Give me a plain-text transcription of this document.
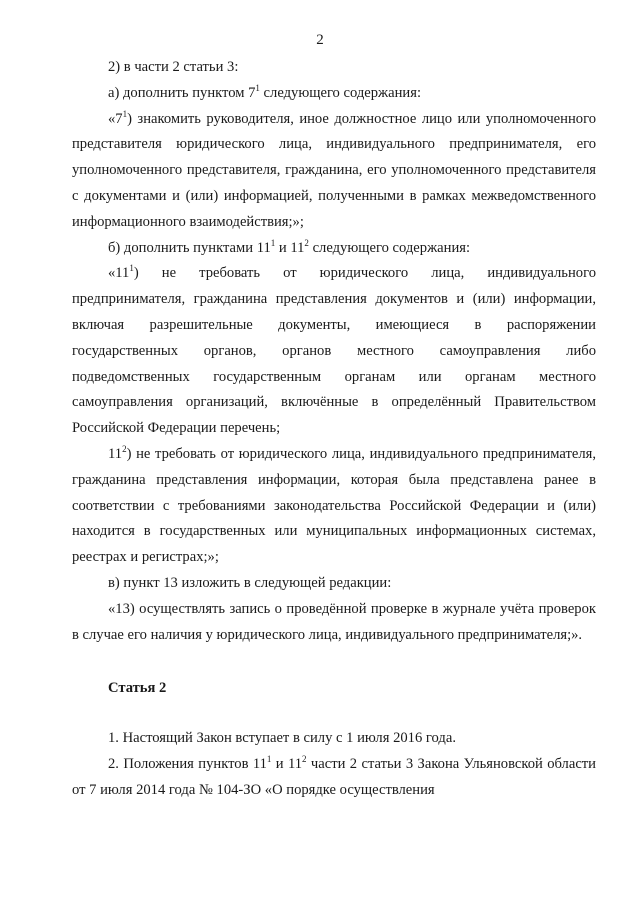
2

2) в части 2 статьи 3:

а) дополнить пунктом $7^1$ следующего содержания:

«$7^1$) знакомить руководителя, иное должностное лицо или уполномоченного представителя юридического лица, индивидуального предпринимателя, его уполномоченного представителя, гражданина, его уполномоченного представителя с документами и (или) информацией, полученными в рамках межведомственного информационного взаимодействия;»;

б) дополнить пунктами $11^1$ и $11^2$ следующего содержания:

«$11^1$) не требовать от юридического лица, индивидуального предпринимателя, гражданина представления документов и (или) информации, включая разрешительные документы, имеющиеся в распоряжении государственных органов, органов местного самоуправления либо подведомственных государственным органам или органам местного самоуправления организаций, включённые в определённый Правительством Российской Федерации перечень;

$11^2$) не требовать от юридического лица, индивидуального предпринимателя, гражданина представления информации, которая была представлена ранее в соответствии с требованиями законодательства Российской Федерации и (или) находится в государственных или муниципальных информационных системах, реестрах и регистрах;»;

в) пункт 13 изложить в следующей редакции:

«13) осуществлять запись о проведённой проверке в журнале учёта проверок в случае его наличия у юридического лица, индивидуального предпринимателя;».

Статья 2

1. Настоящий Закон вступает в силу с 1 июля 2016 года.

2. Положения пунктов $11^1$ и $11^2$ части 2 статьи 3 Закона Ульяновской области от 7 июля 2014 года № 104-ЗО «О порядке осуществления
